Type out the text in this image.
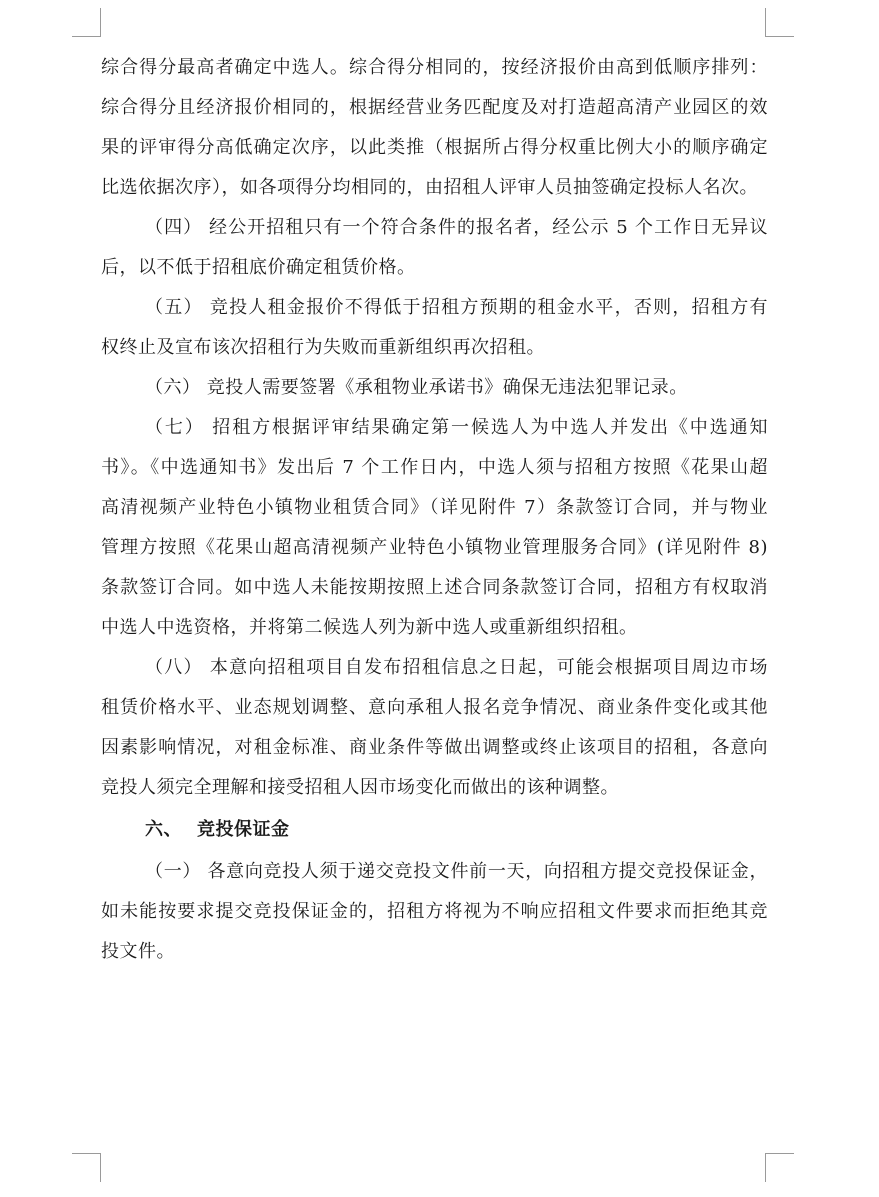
综合得分最高者确定中选人。综合得分相同的，按经济报价由高到低顺序排列：
综合得分且经济报价相同的，根据经营业务匹配度及对打造超高清产业园区的效
果的评审得分高低确定次序，以此类推（根据所占得分权重比例大小的顺序确定
比选依据次序），如各项得分均相同的，由招租人评审人员抽签确定投标人名次。
（四） 经公开招租只有一个符合条件的报名者，经公示 5 个工作日无异议
后，以不低于招租底价确定租赁价格。
（五） 竞投人租金报价不得低于招租方预期的租金水平，否则，招租方有
权终止及宣布该次招租行为失败而重新组织再次招租。
（六） 竞投人需要签署《承租物业承诺书》确保无违法犯罪记录。
（七） 招租方根据评审结果确定第一候选人为中选人并发出《中选通知
书》。《中选通知书》发出后 7 个工作日内，中选人须与招租方按照《花果山超
高清视频产业特色小镇物业租赁合同》（详见附件 7）条款签订合同，并与物业
管理方按照《花果山超高清视频产业特色小镇物业管理服务合同》(详见附件 8)
条款签订合同。如中选人未能按期按照上述合同条款签订合同，招租方有权取消
中选人中选资格，并将第二候选人列为新中选人或重新组织招租。
（八） 本意向招租项目自发布招租信息之日起，可能会根据项目周边市场
租赁价格水平、业态规划调整、意向承租人报名竞争情况、商业条件变化或其他
因素影响情况，对租金标准、商业条件等做出调整或终止该项目的招租，各意向
竞投人须完全理解和接受招租人因市场变化而做出的该种调整。
六、 竞投保证金
（一） 各意向竞投人须于递交竞投文件前一天，向招租方提交竞投保证金，
如未能按要求提交竞投保证金的，招租方将视为不响应招租文件要求而拒绝其竞
投文件。
